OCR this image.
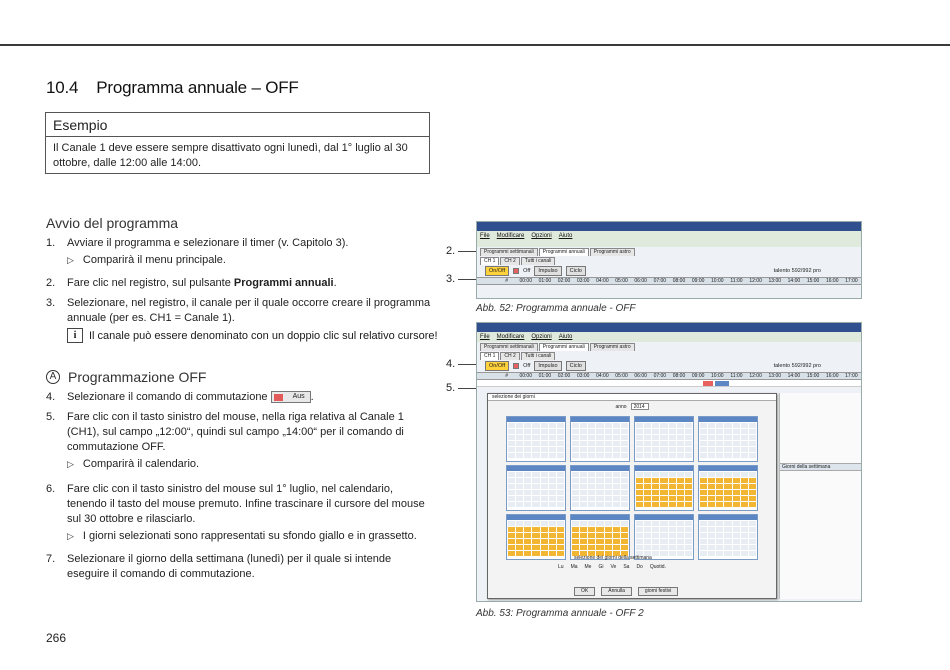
10.4 Programma annuale – OFF
Esempio
Il Canale 1 deve essere sempre disattivato ogni lunedì, dal 1° luglio al 30 ottobre, dalle 12:00 alle 14:00.
Avvio del programma
1. Avviare il programma e selezionare il timer (v. Capitolo 3).
▷ Comparirà il menu principale.
2. Fare clic nel registro, sul pulsante Programmi annuali.
3. Selezionare, nel registro, il canale per il quale occorre creare il programma annuale (per es. CH1 = Canale 1).
i	Il canale può essere denominato con un doppio clic sul relativo cursore!
A Programmazione OFF
4. Selezionare il comando di commutazione	Aus .
5. Fare clic con il tasto sinistro del mouse, nella riga relativa al Canale 1 (CH1), sul campo „12:00“, quindi sul campo „14:00“ per il comando di commutazione OFF.
▷ Comparirà il calendario.
6. Fare clic con il tasto sinistro del mouse sul 1° luglio, nel calendario, tenendo il tasto del mouse premuto. Infine trascinare il cursore del mouse sul 30 ottobre e rilasciarlo.
▷ I giorni selezionati sono rappresentati su sfondo giallo e in grassetto.
7. Selezionare il giorno della settimana (lunedì) per il quale si intende eseguire il comando di commutazione.
266
2.
3.
4.
5.
File Modificare Opzioni Aiuto
Programmi settimanali	Programmi annuali	Programmi astro
CH 1	CH 2	Tutti i canali
On/Off	Off	Impulso	Ciclo	talento 592/992 pro
#	00:00	01:00	02:00	03:00	04:00	05:00	06:00	07:00	08:00	09:00	10:00	11:00	12:00	13:00	14:00	15:00	16:00	17:00
Abb. 52: Programma annuale - OFF
File Modificare Opzioni Aiuto
Programmi settimanali	Programmi annuali	Programmi astro
CH 1	CH 2	Tutti i canali
On/Off	Off	Impulso	Ciclo	talento 592/992 pro
#	00:00	01:00	02:00	03:00	04:00	05:00	06:00	07:00	08:00	09:00	10:00	11:00	12:00	13:00	14:00	15:00	16:00	17:00
selezione dei giorni
anno	2014
Lu Ma Me Gi Ve Sa Do Quotid.
selezione dei giorni della settimana
OK	Annulla	giorni festivi
Giorni della settimana
Abb. 53: Programma annuale - OFF 2
